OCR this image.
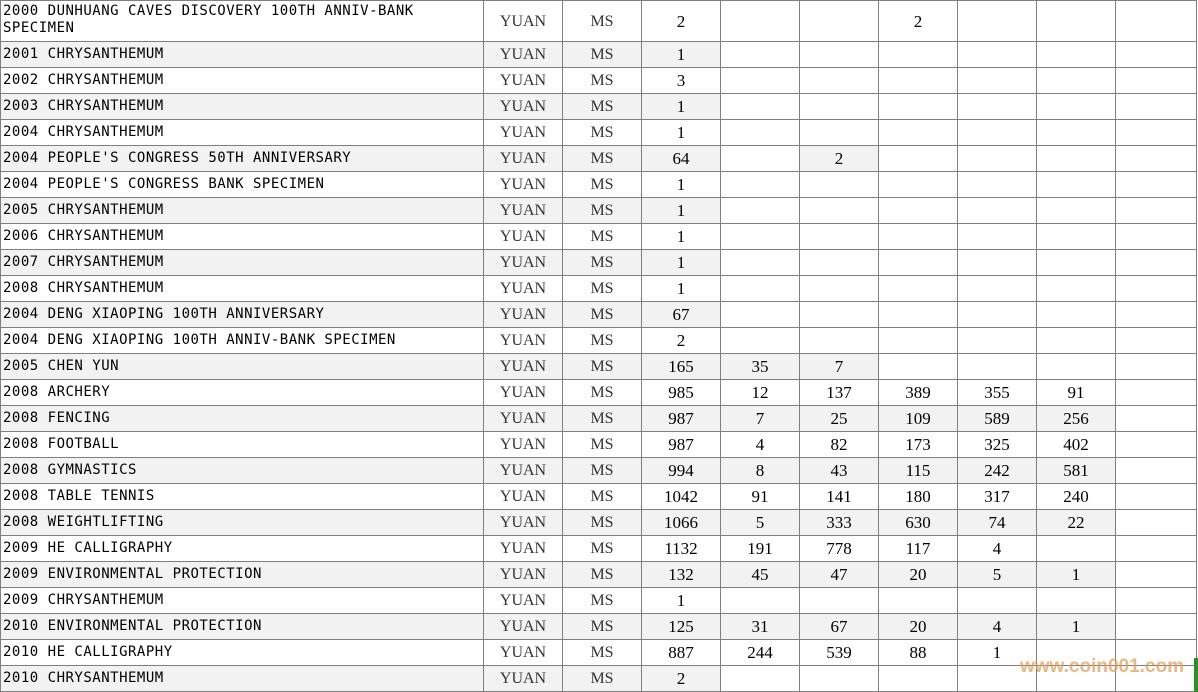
2000 DUNHUANG CAVES DISCOVERY 100TH ANNIV-BANK SPECIMEN	YUAN	MS	2			2			
2001 CHRYSANTHEMUM	YUAN	MS	1						
2002 CHRYSANTHEMUM	YUAN	MS	3						
2003 CHRYSANTHEMUM	YUAN	MS	1						
2004 CHRYSANTHEMUM	YUAN	MS	1						
2004 PEOPLE'S CONGRESS 50TH ANNIVERSARY	YUAN	MS	64		2				
2004 PEOPLE'S CONGRESS BANK SPECIMEN	YUAN	MS	1						
2005 CHRYSANTHEMUM	YUAN	MS	1						
2006 CHRYSANTHEMUM	YUAN	MS	1						
2007 CHRYSANTHEMUM	YUAN	MS	1						
2008 CHRYSANTHEMUM	YUAN	MS	1						
2004 DENG XIAOPING 100TH ANNIVERSARY	YUAN	MS	67						
2004 DENG XIAOPING 100TH ANNIV-BANK SPECIMEN	YUAN	MS	2						
2005 CHEN YUN	YUAN	MS	165	35	7				
2008 ARCHERY	YUAN	MS	985	12	137	389	355	91	
2008 FENCING	YUAN	MS	987	7	25	109	589	256	
2008 FOOTBALL	YUAN	MS	987	4	82	173	325	402	
2008 GYMNASTICS	YUAN	MS	994	8	43	115	242	581	
2008 TABLE TENNIS	YUAN	MS	1042	91	141	180	317	240	
2008 WEIGHTLIFTING	YUAN	MS	1066	5	333	630	74	22	
2009 HE CALLIGRAPHY	YUAN	MS	1132	191	778	117	4		
2009 ENVIRONMENTAL PROTECTION	YUAN	MS	132	45	47	20	5	1	
2009 CHRYSANTHEMUM	YUAN	MS	1						
2010 ENVIRONMENTAL PROTECTION	YUAN	MS	125	31	67	20	4	1	
2010 HE CALLIGRAPHY	YUAN	MS	887	244	539	88	1		
2010 CHRYSANTHEMUM	YUAN	MS	2						
www.coin001.com
